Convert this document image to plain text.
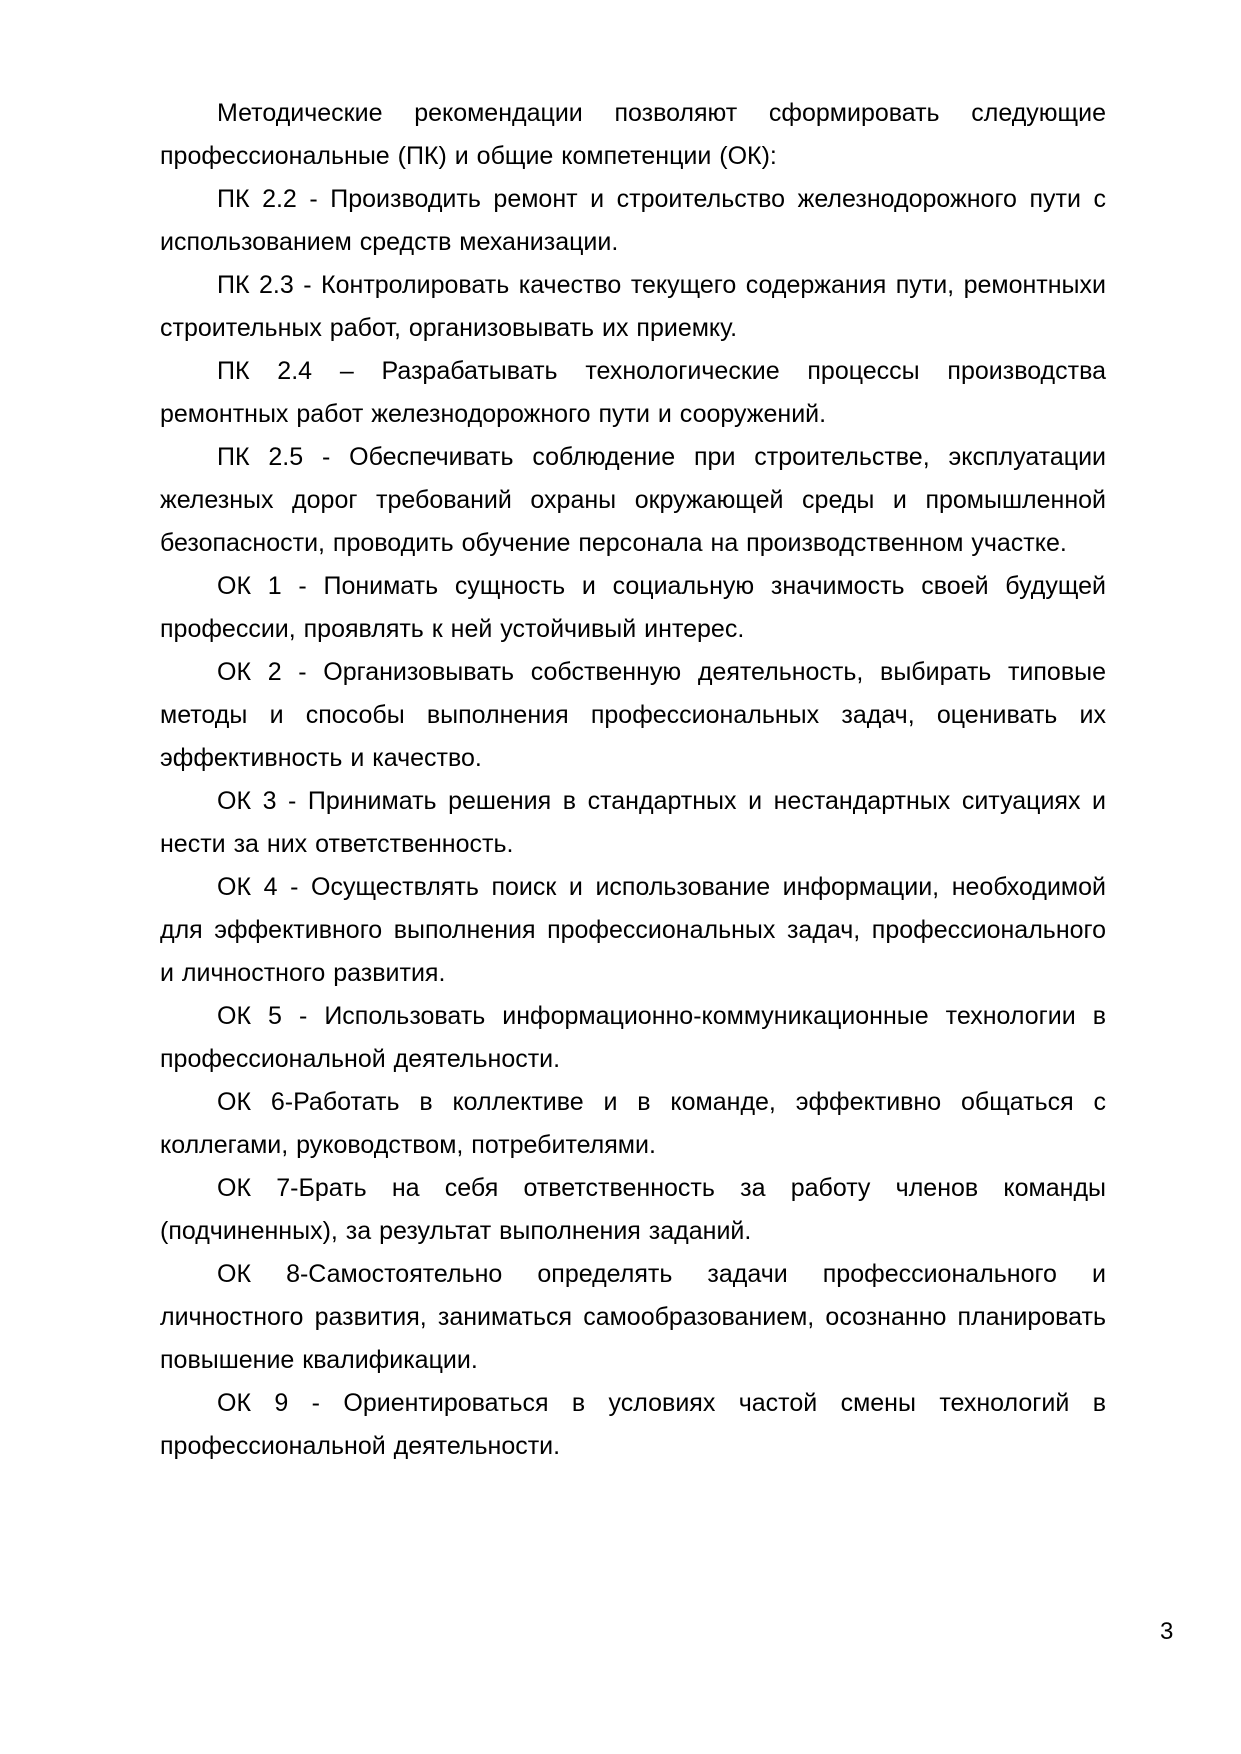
Методические рекомендации позволяют сформировать следующие профессиональные (ПК) и общие компетенции (ОК):

ПК 2.2 - Производить ремонт и строительство железнодорожного пути с использованием средств механизации.

ПК 2.3 - Контролировать качество текущего содержания пути, ремонтныхи строительных работ, организовывать их приемку.

ПК 2.4 – Разрабатывать технологические процессы производства ремонтных работ железнодорожного пути и сооружений.

ПК 2.5 - Обеспечивать соблюдение при строительстве, эксплуатации железных дорог требований охраны окружающей среды и промышленной безопасности, проводить обучение персонала на производственном участке.

ОК 1 - Понимать сущность и социальную значимость своей будущей профессии, проявлять к ней устойчивый интерес.

ОК 2 - Организовывать собственную деятельность, выбирать типовые методы и способы выполнения профессиональных задач, оценивать их эффективность и качество.

ОК 3 - Принимать решения в стандартных и нестандартных ситуациях и нести за них ответственность.

ОК 4 - Осуществлять поиск и использование информации, необходимой для эффективного выполнения профессиональных задач, профессионального и личностного развития.

ОК 5 - Использовать информационно-коммуникационные технологии в профессиональной деятельности.

ОК 6-Работать в коллективе и в команде, эффективно общаться с коллегами, руководством, потребителями.

ОК 7-Брать на себя ответственность за работу членов команды (подчиненных), за результат выполнения заданий.

ОК 8-Самостоятельно определять задачи профессионального и личностного развития, заниматься самообразованием, осознанно планировать повышение квалификации.

ОК 9 - Ориентироваться в условиях частой смены технологий в профессиональной деятельности.

3
